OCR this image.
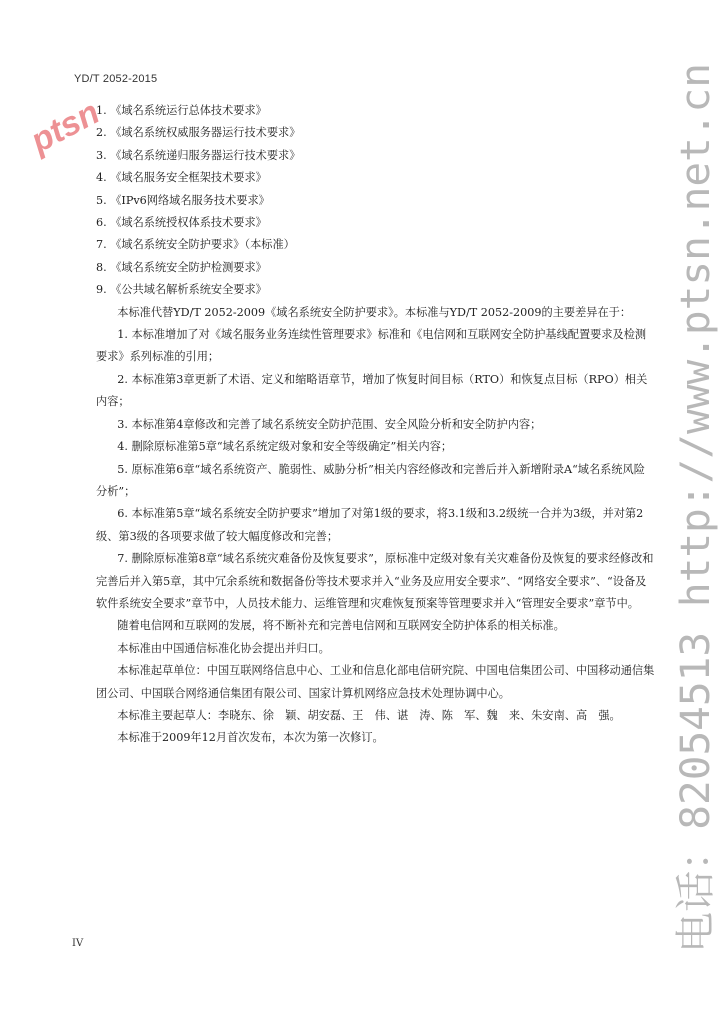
YD/T 2052-2015
ptsn

1. 《域名系统运行总体技术要求》

2. 《域名系统权威服务器运行技术要求》

3. 《域名系统递归服务器运行技术要求》

4. 《域名服务安全框架技术要求》

5. 《IPv6网络域名服务技术要求》

6. 《域名系统授权体系技术要求》

7. 《域名系统安全防护要求》（本标准）

8. 《域名系统安全防护检测要求》

9. 《公共域名解析系统安全要求》

本标准代替YD/T 2052-2009《域名系统安全防护要求》。本标准与YD/T 2052-2009的主要差异在于：

1. 本标准增加了对《域名服务业务连续性管理要求》标准和《电信网和互联网安全防护基线配置要求及检测要求》系列标准的引用；

2. 本标准第3章更新了术语、定义和缩略语章节，增加了恢复时间目标（RTO）和恢复点目标（RPO）相关内容；

3. 本标准第4章修改和完善了域名系统安全防护范围、安全风险分析和安全防护内容；

4. 删除原标准第5章“域名系统定级对象和安全等级确定”相关内容；

5. 原标准第6章“域名系统资产、脆弱性、威胁分析”相关内容经修改和完善后并入新增附录A“域名系统风险分析”；

6. 本标准第5章“域名系统安全防护要求”增加了对第1级的要求，将3.1级和3.2级统一合并为3级，并对第2级、第3级的各项要求做了较大幅度修改和完善；

7. 删除原标准第8章“域名系统灾难备份及恢复要求”，原标准中定级对象有关灾难备份及恢复的要求经修改和完善后并入第5章，其中冗余系统和数据备份等技术要求并入“业务及应用安全要求”、“网络安全要求”、“设备及软件系统安全要求”章节中，人员技术能力、运维管理和灾难恢复预案等管理要求并入“管理安全要求”章节中。

随着电信网和互联网的发展，将不断补充和完善电信网和互联网安全防护体系的相关标准。

本标准由中国通信标准化协会提出并归口。

本标准起草单位：中国互联网络信息中心、工业和信息化部电信研究院、中国电信集团公司、中国移动通信集团公司、中国联合网络通信集团有限公司、国家计算机网络应急技术处理协调中心。

本标准主要起草人：李晓东、徐　颖、胡安磊、王　伟、谌　涛、陈　军、魏　来、朱安南、高　强。

本标准于2009年12月首次发布，本次为第一次修订。

IV	电话：82054513 http://www.ptsn.net.cn
